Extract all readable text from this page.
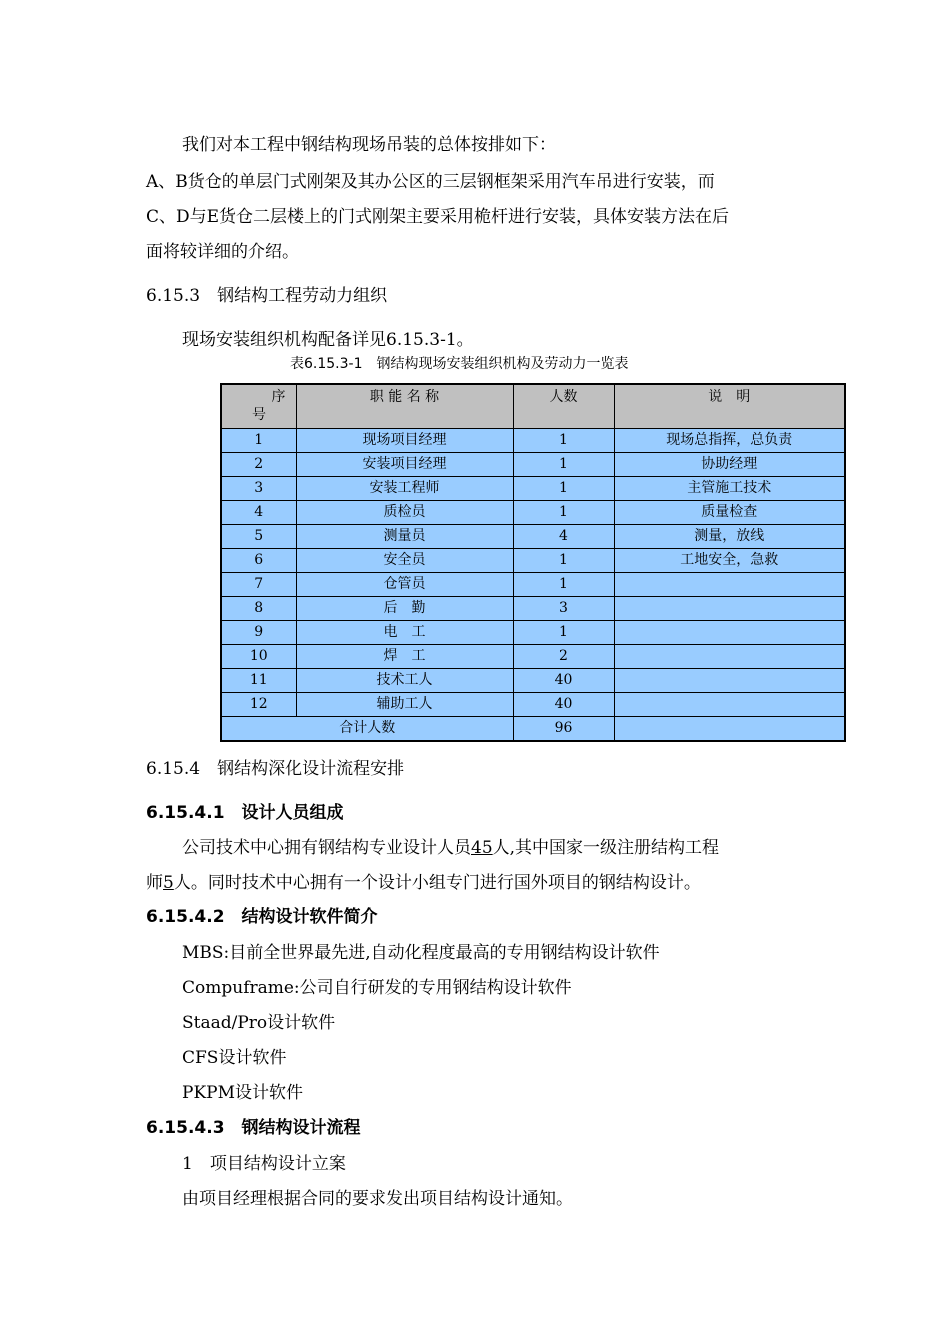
我们对本工程中钢结构现场吊装的总体按排如下：
A、B货仓的单层门式刚架及其办公区的三层钢框架采用汽车吊进行安装，而
C、D与E货仓二层楼上的门式刚架主要采用桅杆进行安装，具体安装方法在后
面将较详细的介绍。
6.15.3　钢结构工程劳动力组织
现场安装组织机构配备详见6.15.3-1。
表6.15.3-1　钢结构现场安装组织机构及劳动力一览表
序
号	职 能 名 称	人数	说　明
1	现场项目经理	1	现场总指挥，总负责
2	安装项目经理	1	协助经理
3	安装工程师	1	主管施工技术
4	质检员	1	质量检查
5	测量员	4	测量，放线
6	安全员	1	工地安全，急救
7	仓管员	1	
8	后　勤	3	
9	电　工	1	
10	焊　工	2	
11	技术工人	40	
12	辅助工人	40	
合计人数		96	
6.15.4　钢结构深化设计流程安排
6.15.4.1　设计人员组成
公司技术中心拥有钢结构专业设计人员45人,其中国家一级注册结构工程
师5人。同时技术中心拥有一个设计小组专门进行国外项目的钢结构设计。
6.15.4.2　结构设计软件简介
MBS:目前全世界最先进,自动化程度最高的专用钢结构设计软件
Compuframe:公司自行研发的专用钢结构设计软件
Staad/Pro设计软件
CFS设计软件
PKPM设计软件
6.15.4.3　钢结构设计流程
1　项目结构设计立案
由项目经理根据合同的要求发出项目结构设计通知。
